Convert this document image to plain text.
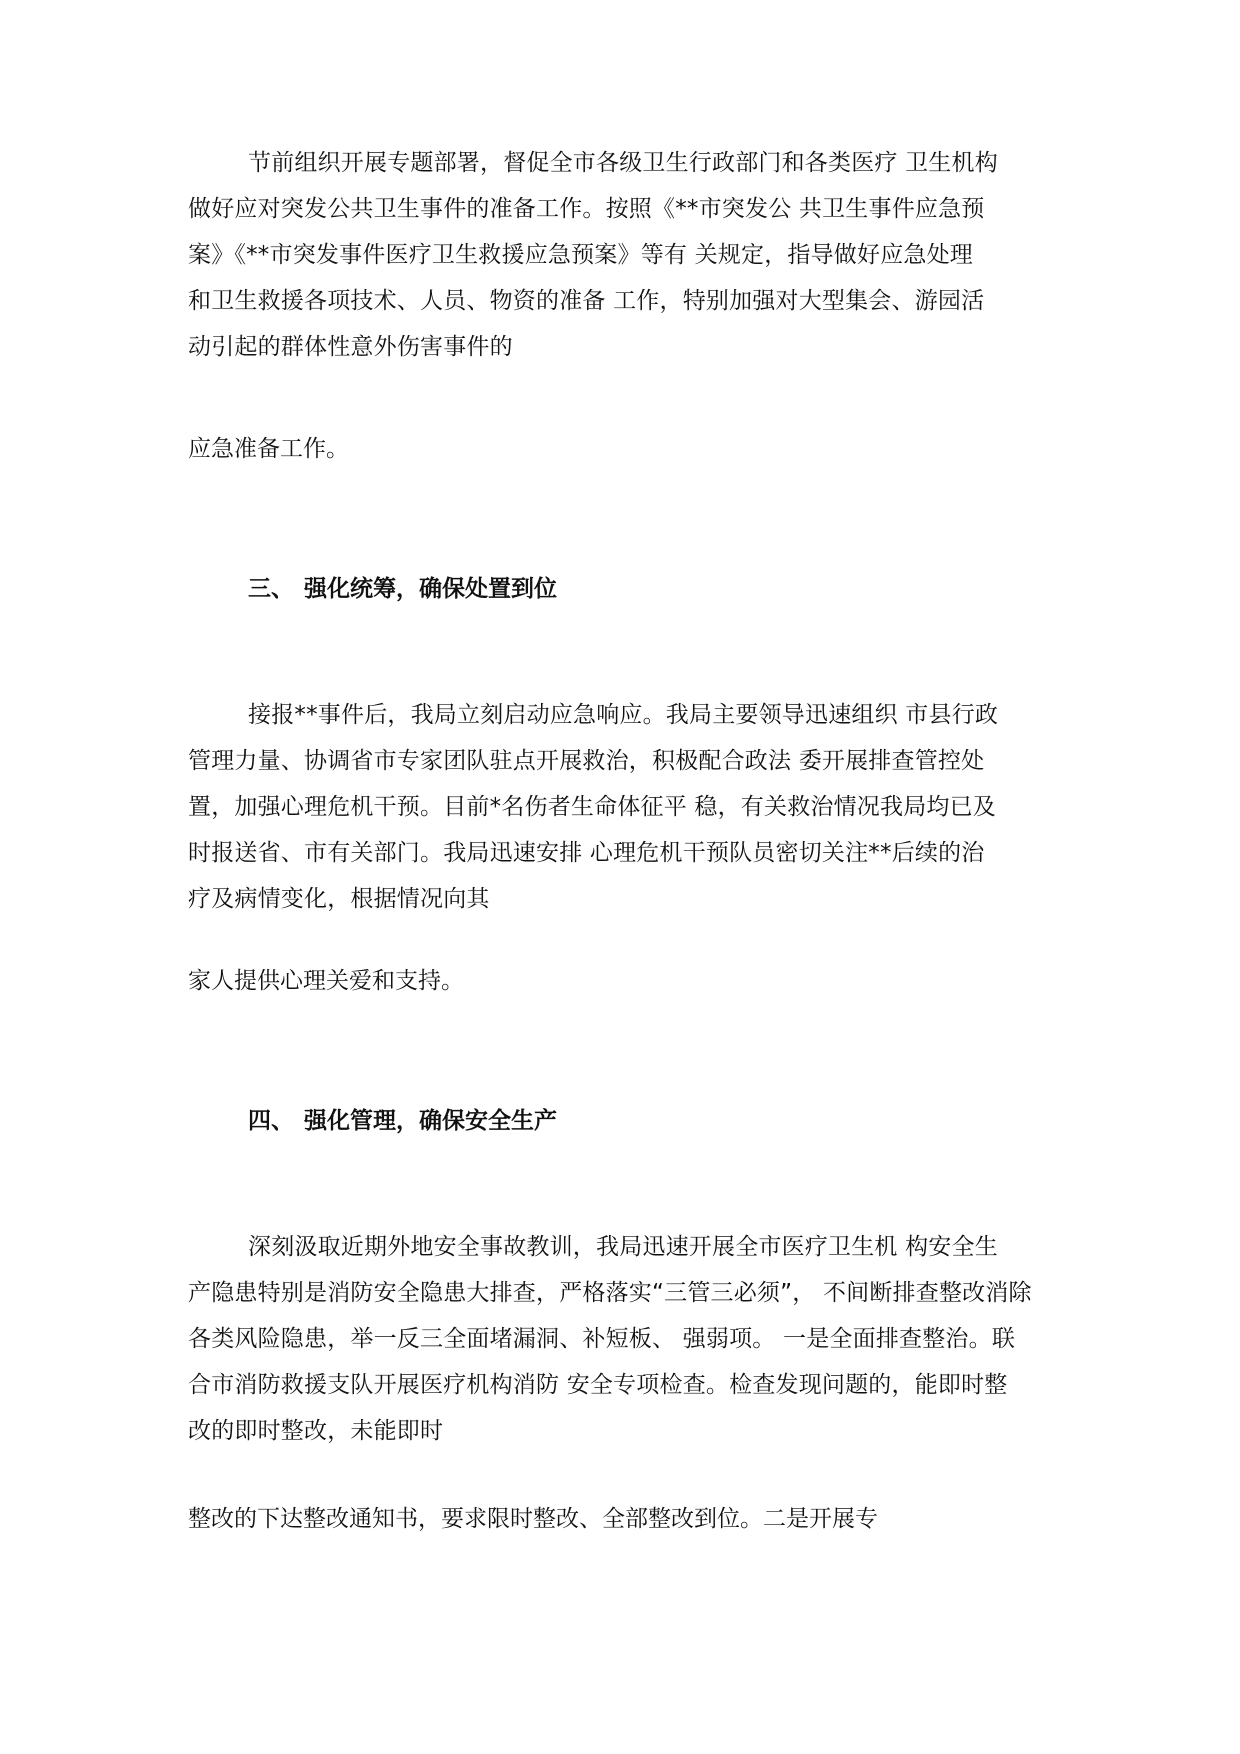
节前组织开展专题部署，督促全市各级卫生行政部门和各类医疗 卫生机构
做好应对突发公共卫生事件的准备工作。按照《**市突发公 共卫生事件应急预
案》《**市突发事件医疗卫生救援应急预案》等有 关规定，指导做好应急处理
和卫生救援各项技术、人员、物资的准备 工作，特别加强对大型集会、游园活
动引起的群体性意外伤害事件的

应急准备工作。

三、 强化统筹，确保处置到位
接报**事件后，我局立刻启动应急响应。我局主要领导迅速组织 市县行政
管理力量、协调省市专家团队驻点开展救治，积极配合政法 委开展排查管控处
置，加强心理危机干预。目前*名伤者生命体征平 稳，有关救治情况我局均已及
时报送省、市有关部门。我局迅速安排 心理危机干预队员密切关注**后续的治
疗及病情变化，根据情况向其

家人提供心理关爱和支持。

四、 强化管理，确保安全生产
深刻汲取近期外地安全事故教训，我局迅速开展全市医疗卫生机 构安全生
产隐患特别是消防安全隐患大排查，严格落实“三管三必须”， 不间断排查整改消除
各类风险隐患，举一反三全面堵漏洞、补短板、 强弱项。 一是全面排查整治。联
合市消防救援支队开展医疗机构消防 安全专项检查。检查发现问题的，能即时整
改的即时整改，未能即时

整改的下达整改通知书，要求限时整改、全部整改到位。二是开展专
